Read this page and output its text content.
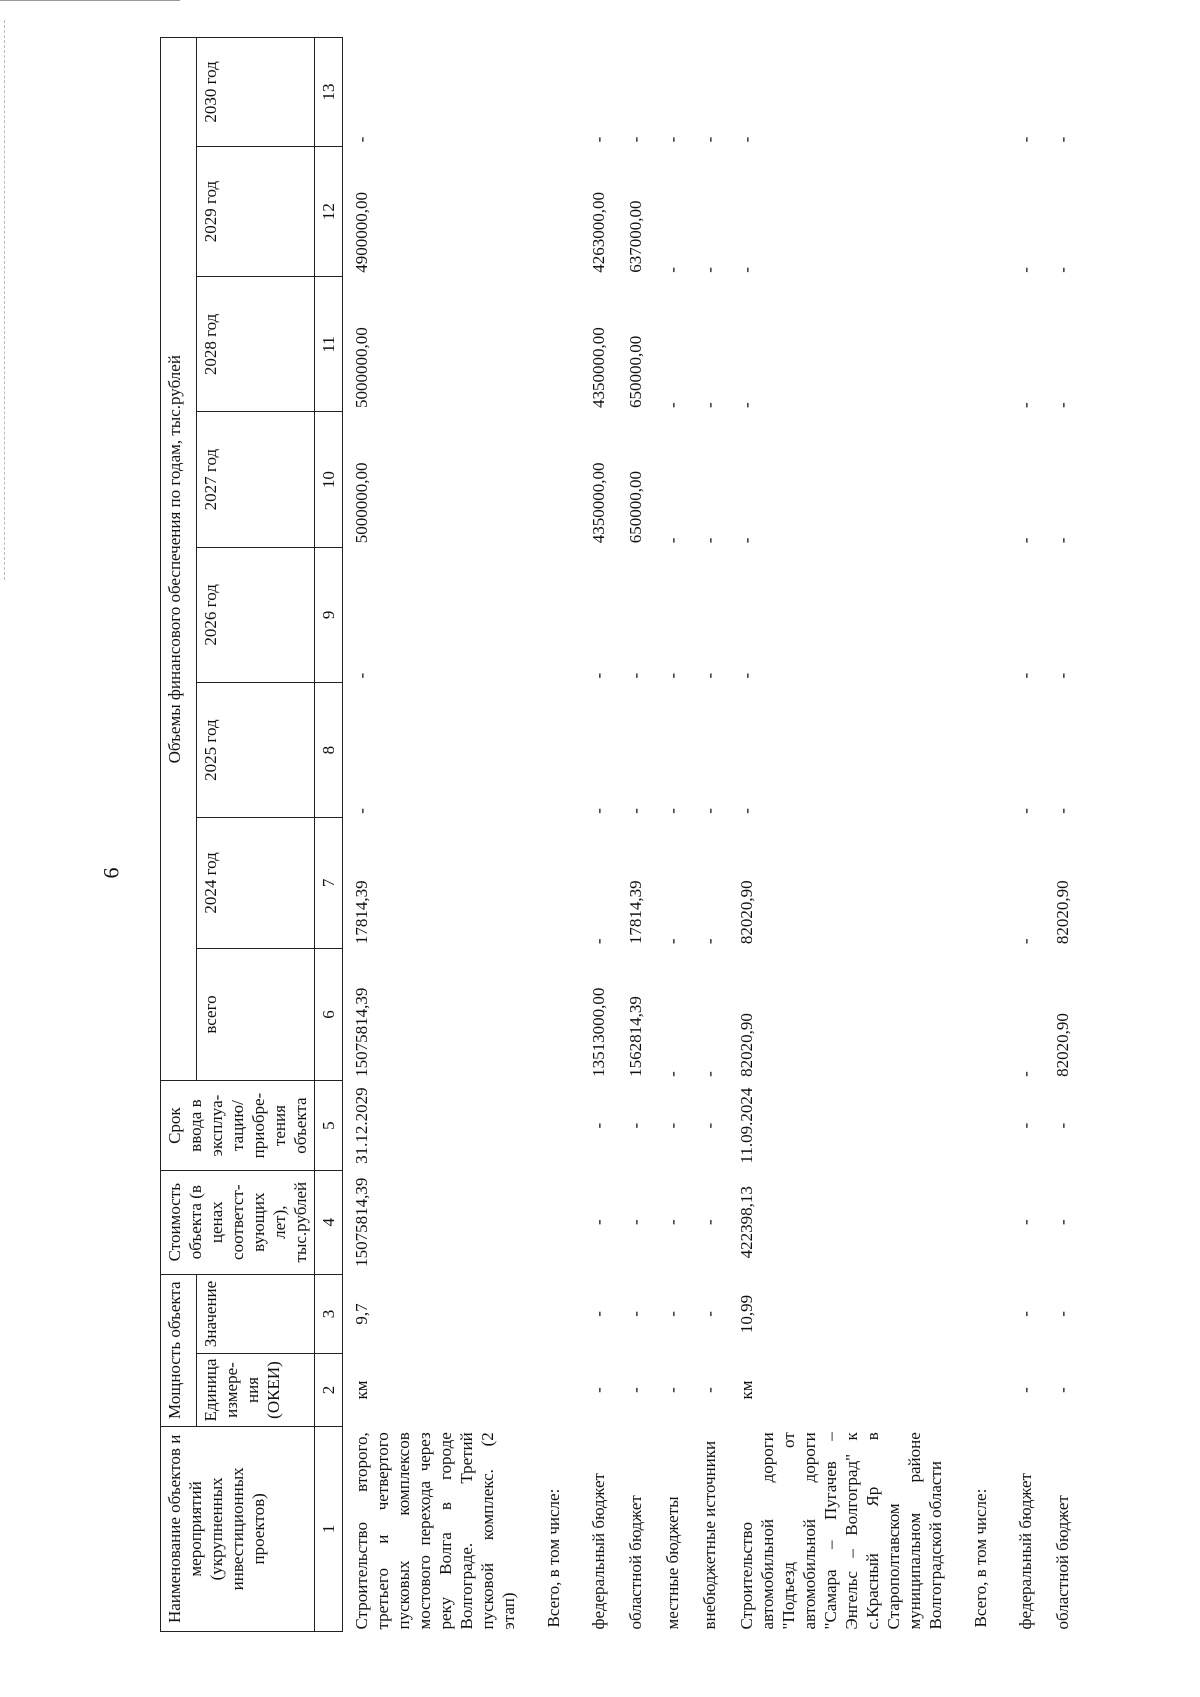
6
Наименование объектов и мероприятий (укрупненных инвестиционных проектов)	Мощность объекта		Стоимость объекта (в ценах соответст-вующих лет), тыс.рублей	Срок ввода в эксплуа-тацию/ приобре-тения объекта	Объемы финансового обеспечения по годам, тыс.рублей							
	Единица измере-ния (ОКЕИ)	Значение			всего	2024 год	2025 год	2026 год	2027 год	2028 год	2029 год	2030 год
1	2	3	4	5	6	7	8	9	10	11	12	13
Строительство второго, третьего и четвертого пусковых комплексов мостового перехода через реку Волга в городе Волгограде. Третий пусковой комплекс. (2 этап)	км	9,7	15075814,39	31.12.2029	15075814,39	17814,39	-	-	5000000,00	5000000,00	4900000,00	-
Всего, в том числе:												
федеральный бюджет	-	-	-	-	13513000,00	-	-	-	4350000,00	4350000,00	4263000,00	-
областной бюджет	-	-	-	-	1562814,39	17814,39	-	-	650000,00	650000,00	637000,00	-
местные бюджеты	-	-	-	-	-	-	-	-	-	-	-	-
внебюджетные источники	-	-	-	-	-	-	-	-	-	-	-	-
Строительство автомобильной дороги "Подъезд от автомобильной дороги "Самара – Пугачев – Энгельс – Волгоград" к с.Красный Яр в Старополтавском муниципальном районе Волгоградской области	км	10,99	422398,13	11.09.2024	82020,90	82020,90	-	-	-	-	-	-
Всего, в том числе:												
федеральный бюджет	-	-	-	-	-	-	-	-	-	-	-	-
областной бюджет	-	-	-	-	82020,90	82020,90	-	-	-	-	-	-
